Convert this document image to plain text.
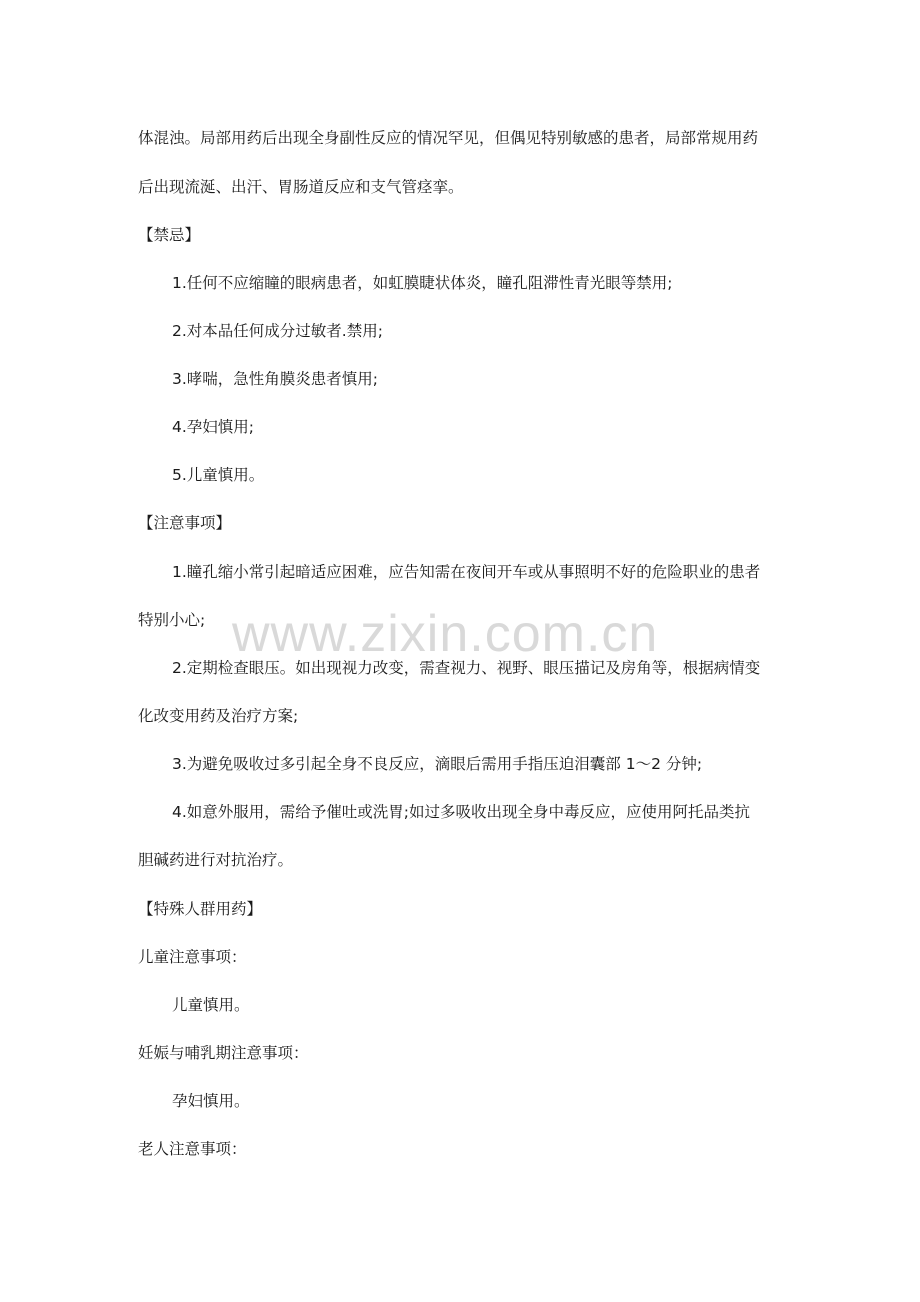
体混浊。局部用药后出现全身副性反应的情况罕见，但偶见特别敏感的患者，局部常规用药
后出现流涎、出汗、胃肠道反应和支气管痉挛。
【禁忌】
1.任何不应缩瞳的眼病患者，如虹膜睫状体炎，瞳孔阻滞性青光眼等禁用;
2.对本品任何成分过敏者.禁用;
3.哮喘，急性角膜炎患者慎用;
4.孕妇慎用;
5.儿童慎用。
【注意事项】
1.瞳孔缩小常引起暗适应困难，应告知需在夜间开车或从事照明不好的危险职业的患者
特别小心;
2.定期检查眼压。如出现视力改变，需查视力、视野、眼压描记及房角等，根据病情变
化改变用药及治疗方案;
3.为避免吸收过多引起全身不良反应，滴眼后需用手指压迫泪囊部 1～2 分钟;
4.如意外服用，需给予催吐或洗胃;如过多吸收出现全身中毒反应，应使用阿托品类抗
胆碱药进行对抗治疗。
【特殊人群用药】
儿童注意事项：
儿童慎用。
妊娠与哺乳期注意事项：
孕妇慎用。
老人注意事项：
www.zixin.com.cn
